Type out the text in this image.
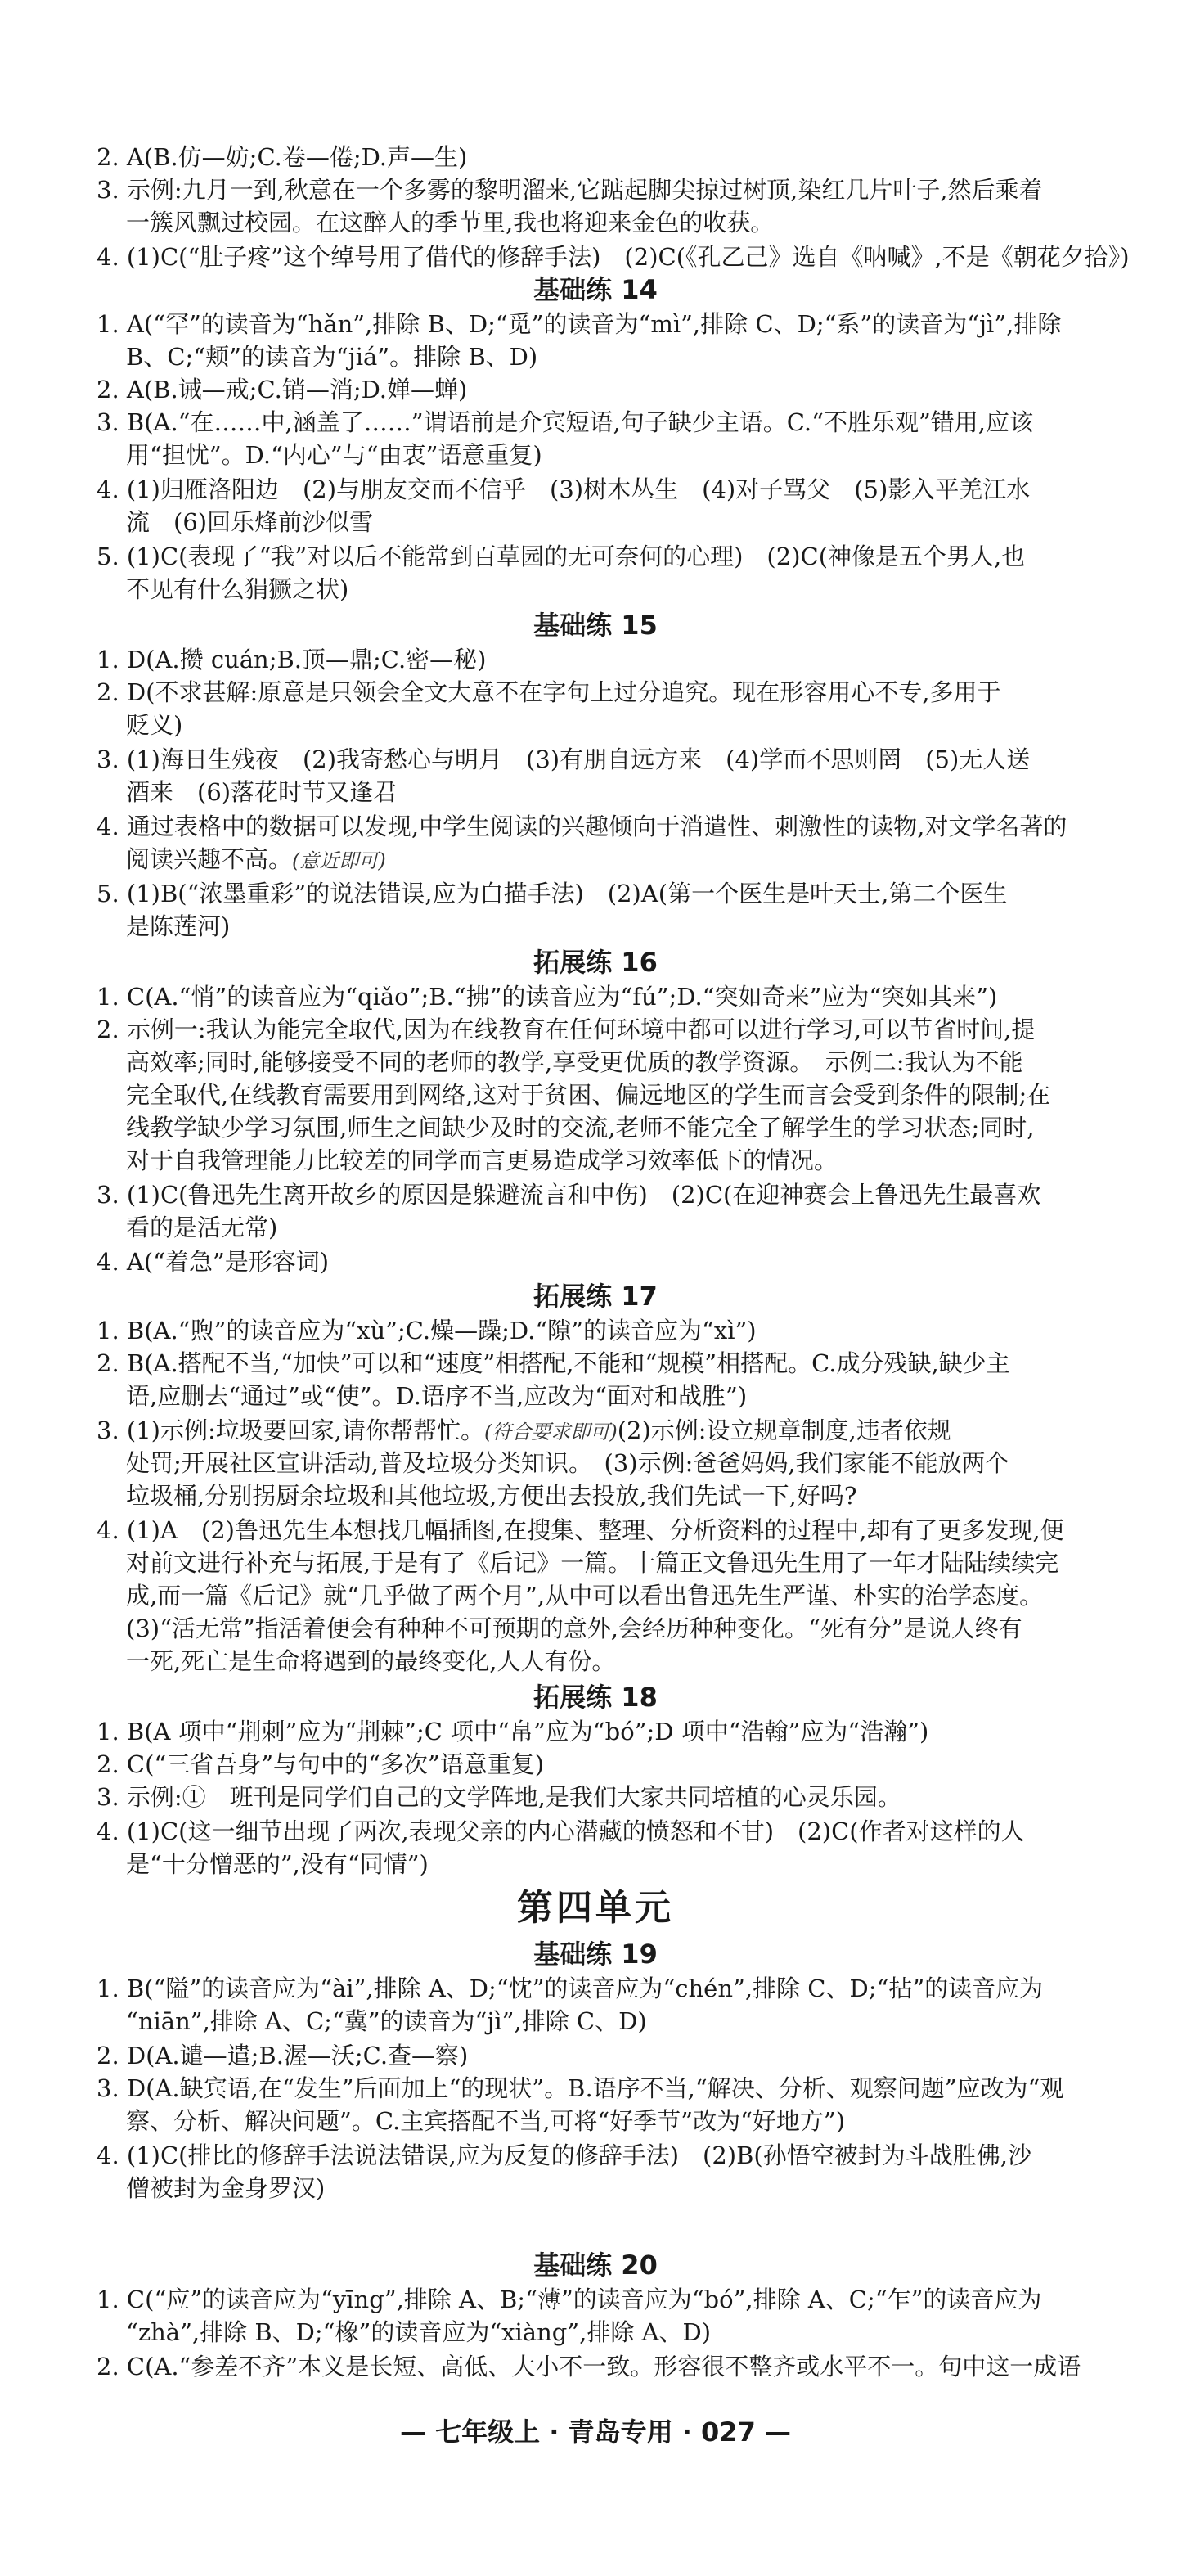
2. A(B.仿—妨;C.卷—倦;D.声—生)
3. 示例:九月一到,秋意在一个多雾的黎明溜来,它踮起脚尖掠过树顶,染红几片叶子,然后乘着
一簇风飘过校园。在这醉人的季节里,我也将迎来金色的收获。
4. (1)C(“肚子疼”这个绰号用了借代的修辞手法)　(2)C(《孔乙己》选自《呐喊》,不是《朝花夕拾》)
基础练 14
1. A(“罕”的读音为“hǎn”,排除 B、D;“觅”的读音为“mì”,排除 C、D;“系”的读音为“jì”,排除
B、C;“颊”的读音为“jiá”。排除 B、D)
2. A(B.诫—戒;C.销—消;D.婵—蝉)
3. B(A.“在……中,涵盖了……”谓语前是介宾短语,句子缺少主语。C.“不胜乐观”错用,应该
用“担忧”。D.“内心”与“由衷”语意重复)
4. (1)归雁洛阳边　(2)与朋友交而不信乎　(3)树木丛生　(4)对子骂父　(5)影入平羌江水
流　(6)回乐烽前沙似雪
5. (1)C(表现了“我”对以后不能常到百草园的无可奈何的心理)　(2)C(神像是五个男人,也
不见有什么狷獗之状)
基础练 15
1. D(A.攒 cuán;B.顶—鼎;C.密—秘)
2. D(不求甚解:原意是只领会全文大意不在字句上过分追究。现在形容用心不专,多用于
贬义)
3. (1)海日生残夜　(2)我寄愁心与明月　(3)有朋自远方来　(4)学而不思则罔　(5)无人送
酒来　(6)落花时节又逢君
4. 通过表格中的数据可以发现,中学生阅读的兴趣倾向于消遣性、刺激性的读物,对文学名著的
阅读兴趣不高。(意近即可)
5. (1)B(“浓墨重彩”的说法错误,应为白描手法)　(2)A(第一个医生是叶天士,第二个医生
是陈莲河)
拓展练 16
1. C(A.“悄”的读音应为“qiǎo”;B.“拂”的读音应为“fú”;D.“突如奇来”应为“突如其来”)
2. 示例一:我认为能完全取代,因为在线教育在任何环境中都可以进行学习,可以节省时间,提
高效率;同时,能够接受不同的老师的教学,享受更优质的教学资源。　示例二:我认为不能
完全取代,在线教育需要用到网络,这对于贫困、偏远地区的学生而言会受到条件的限制;在
线教学缺少学习氛围,师生之间缺少及时的交流,老师不能完全了解学生的学习状态;同时,
对于自我管理能力比较差的同学而言更易造成学习效率低下的情况。
3. (1)C(鲁迅先生离开故乡的原因是躲避流言和中伤)　(2)C(在迎神赛会上鲁迅先生最喜欢
看的是活无常)
4. A(“着急”是形容词)
拓展练 17
1. B(A.“煦”的读音应为“xù”;C.燥—躁;D.“隙”的读音应为“xì”)
2. B(A.搭配不当,“加快”可以和“速度”相搭配,不能和“规模”相搭配。C.成分残缺,缺少主
语,应删去“通过”或“使”。D.语序不当,应改为“面对和战胜”)
3. (1)示例:垃圾要回家,请你帮帮忙。(符合要求即可)(2)示例:设立规章制度,违者依规
处罚;开展社区宣讲活动,普及垃圾分类知识。　(3)示例:爸爸妈妈,我们家能不能放两个
垃圾桶,分别拐厨余垃圾和其他垃圾,方便出去投放,我们先试一下,好吗?
4. (1)A　(2)鲁迅先生本想找几幅插图,在搜集、整理、分析资料的过程中,却有了更多发现,便
对前文进行补充与拓展,于是有了《后记》一篇。十篇正文鲁迅先生用了一年才陆陆续续完
成,而一篇《后记》就“几乎做了两个月”,从中可以看出鲁迅先生严谨、朴实的治学态度。
(3)“活无常”指活着便会有种种不可预期的意外,会经历种种变化。“死有分”是说人终有
一死,死亡是生命将遇到的最终变化,人人有份。
拓展练 18
1. B(A 项中“荆刺”应为“荆棘”;C 项中“帛”应为“bó”;D 项中“浩翰”应为“浩瀚”)
2. C(“三省吾身”与句中的“多次”语意重复)
3. 示例:①　班刊是同学们自己的文学阵地,是我们大家共同培植的心灵乐园。
4. (1)C(这一细节出现了两次,表现父亲的内心潜藏的愤怒和不甘)　(2)C(作者对这样的人
是“十分憎恶的”,没有“同情”)
第四单元
基础练 19
1. B(“隘”的读音应为“ài”,排除 A、D;“忱”的读音应为“chén”,排除 C、D;“拈”的读音应为
“niān”,排除 A、C;“冀”的读音为“jì”,排除 C、D)
2. D(A.谴—遣;B.渥—沃;C.查—察)
3. D(A.缺宾语,在“发生”后面加上“的现状”。B.语序不当,“解决、分析、观察问题”应改为“观
察、分析、解决问题”。C.主宾搭配不当,可将“好季节”改为“好地方”)
4. (1)C(排比的修辞手法说法错误,应为反复的修辞手法)　(2)B(孙悟空被封为斗战胜佛,沙
僧被封为金身罗汉)
基础练 20
1. C(“应”的读音应为“yīng”,排除 A、B;“薄”的读音应为“bó”,排除 A、C;“乍”的读音应为
“zhà”,排除 B、D;“橡”的读音应为“xiàng”,排除 A、D)
2. C(A.“参差不齐”本义是长短、高低、大小不一致。形容很不整齐或水平不一。句中这一成语
— 七年级上 · 青岛专用 · 027 —
